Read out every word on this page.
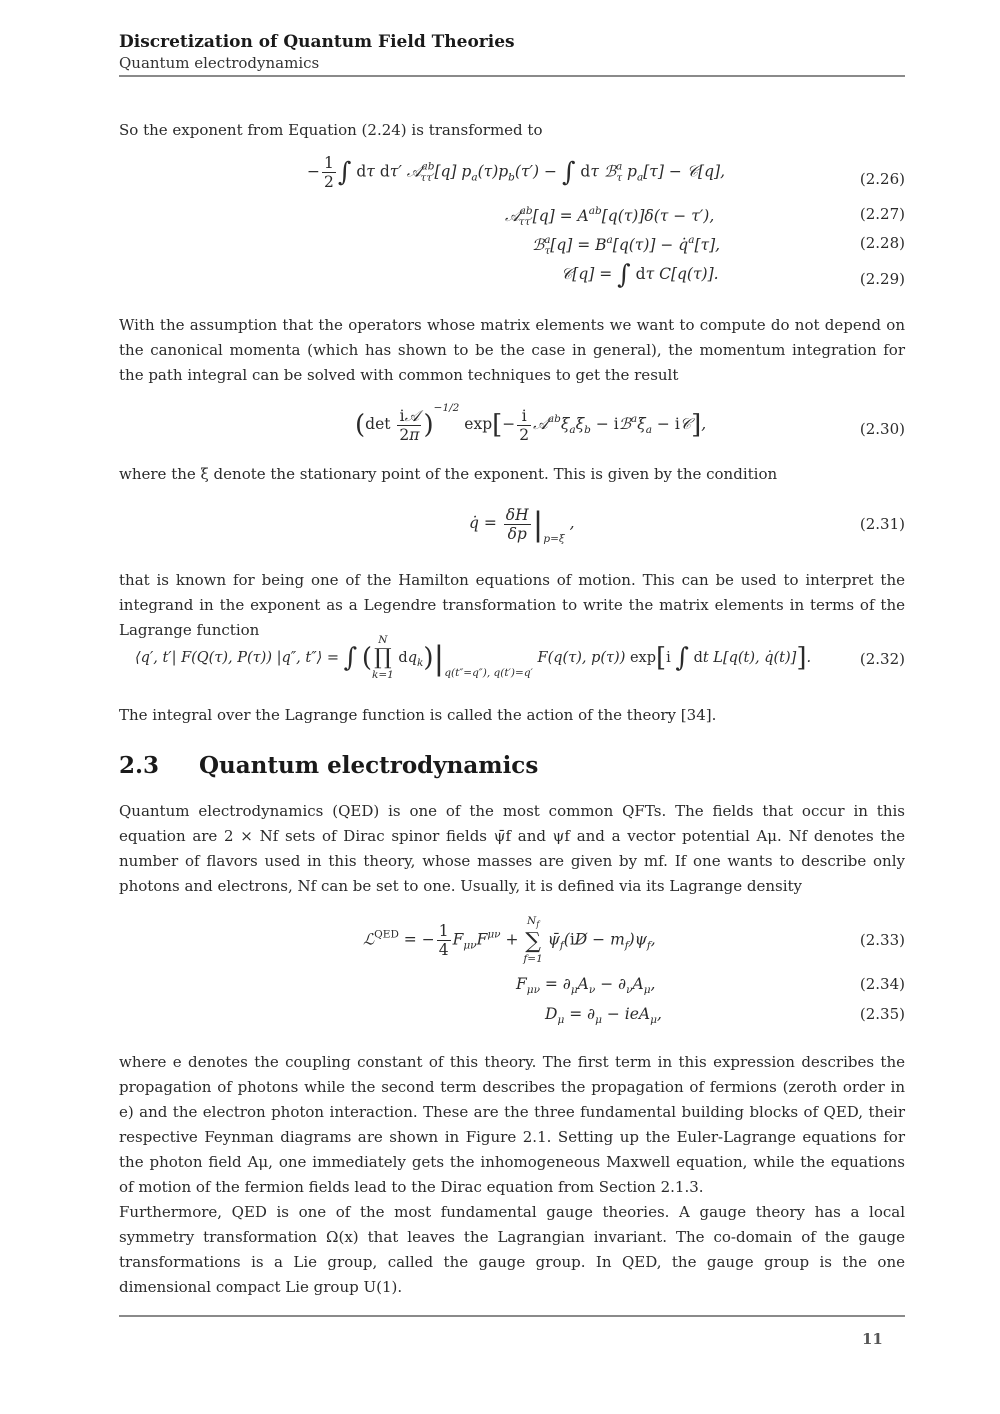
Discretization of Quantum Field Theories
Quantum electrodynamics
So the exponent from Equation (2.24) is transformed to
− $\frac{1}{2}$ ∫ dτ dτ′ 𝒜$^{ab}_{\tau\tau'}$[q] $p_a(\tau)p_b(\tau')$ − ∫ dτ ℬ$^a_\tau$ $p_a[\tau]$ − 𝒞[q],	(2.26)
𝒜$^{ab}_{\tau\tau'}$[q] = $A^{ab}[q(\tau)]\delta(\tau - \tau')$,	(2.27)
ℬ$^a_\tau$[q] = $B^a[q(\tau)]$ − q̇$^a$[τ],	(2.28)
𝒞[q] = ∫ dτ C[q(τ)].	(2.29)
With the assumption that the operators whose matrix elements we want to compute do not depend on the canonical momenta (which has shown to be the case in general), the momentum integration for the path integral can be solved with common techniques to get the result
$(\det \frac{\text{i𝒜}}{2\pi} )^{-1/2}$ $\exp[- \frac{i}{2}$ $𝒜^{ab}\xi_a\xi_b$ − $iℬ^a\xi_a$ − i𝒞],	(2.30)
where the ξ denote the stationary point of the exponent. This is given by the condition
q̇ = $\frac{\delta H}{\delta p} |_{p=\xi}$ ,	(2.31)
that is known for being one of the Hamilton equations of motion. This can be used to interpret the integrand in the exponent as a Legendre transformation to write the matrix elements in terms of the Lagrange function
⟨q′, t′| F(Q(τ), P(τ)) |q″, t″⟩ = ∫ (
N
∏
k=1
$dq_k)|_{q(t''=q''), q(t')=q'}$ F(q(τ), p(τ)) exp[i ∫ dt L[q(t), q̇(t)]].	(2.32)
The integral over the Lagrange function is called the action of the theory [34].
2.3 Quantum electrodynamics
Quantum electrodynamics (QED) is one of the most common QFTs. The fields that occur in this equation are 2 × Nf sets of Dirac spinor fields ψ̄f and ψf and a vector potential Aμ. Nf denotes the number of flavors used in this theory, whose masses are given by mf. If one wants to describe only photons and electrons, Nf can be set to one. Usually, it is defined via its Lagrange density
ℒ$^{QED}$ = − $\frac{1}{4} F_{\mu\nu}F^{\mu\nu}$ +
$N_f$
∑
f=1
$\psī_f(iD̸ - m_f)\psi_f$,	(2.33)
$F_{\mu\nu} = \partial_\mu A_\nu - \partial_\nu A_\mu$,	(2.34)
$D_\mu = \partial_\mu - ieA_\mu$,	(2.35)
where e denotes the coupling constant of this theory. The first term in this expression describes the propagation of photons while the second term describes the propagation of fermions (zeroth order in e) and the electron photon interaction. These are the three fundamental building blocks of QED, their respective Feynman diagrams are shown in Figure 2.1. Setting up the Euler-Lagrange equations for the photon field Aμ, one immediately gets the inhomogeneous Maxwell equation, while the equations of motion of the fermion fields lead to the Dirac equation from Section 2.1.3.
Furthermore, QED is one of the most fundamental gauge theories. A gauge theory has a local symmetry transformation Ω(x) that leaves the Lagrangian invariant. The co-domain of the gauge transformations is a Lie group, called the gauge group. In QED, the gauge group is the one dimensional compact Lie group U(1).
11
